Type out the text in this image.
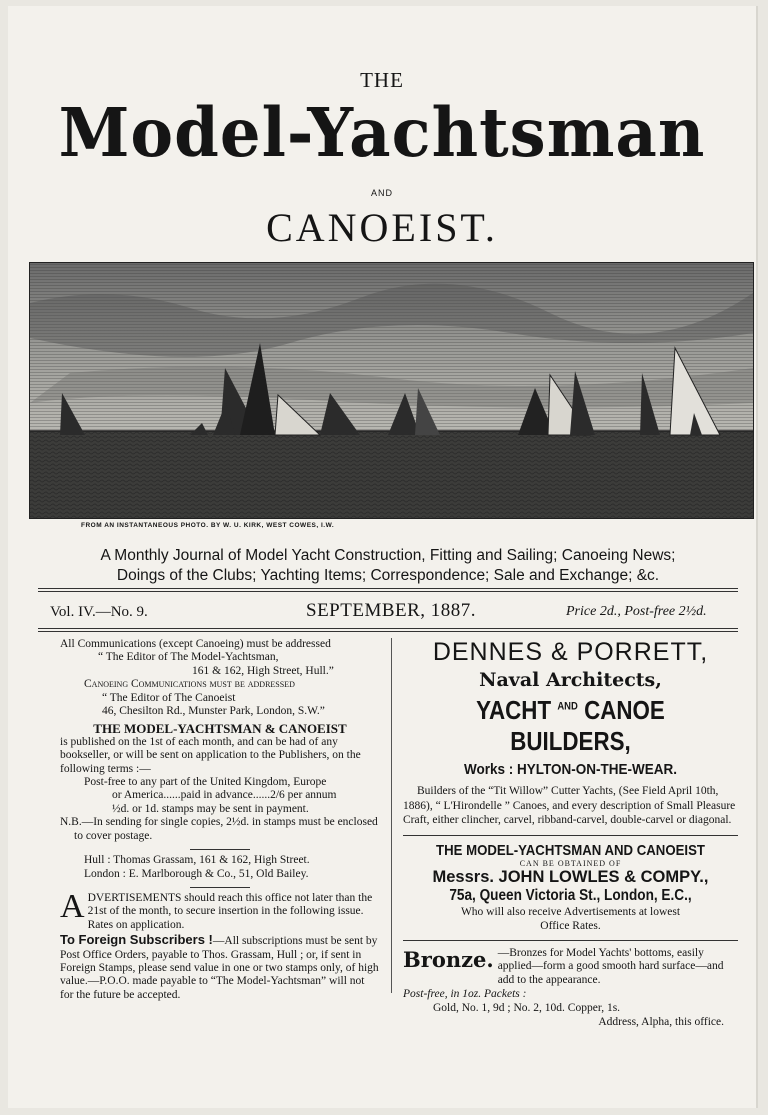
THE
Model-Yachtsman
AND
CANOEIST.
FROM AN INSTANTANEOUS PHOTO. BY W. U. KIRK, WEST COWES, I.W.
A Monthly Journal of Model Yacht Construction, Fitting and Sailing; Canoeing News;
Doings of the Clubs; Yachting Items; Correspondence; Sale and Exchange; &c.
Vol. IV.—No. 9.	SEPTEMBER, 1887.	Price 2d., Post-free 2½d.

All Communications (except Canoeing) must be addressed

“ The Editor of The Model-Yachtsman,

161 & 162, High Street, Hull.”

Canoeing Communications must be addressed

“ The Editor of The Canoeist

46, Chesilton Rd., Munster Park, London, S.W.”

THE MODEL-YACHTSMAN & CANOEIST

is published on the 1st of each month, and can be had of any bookseller, or will be sent on application to the Publishers, on the following terms :—

Post-free to any part of the United Kingdom, Europe

or America......paid in advance......2/6 per annum

½d. or 1d. stamps may be sent in payment.

N.B.—In sending for single copies, 2½d. in stamps must be enclosed to cover postage.

Hull : Thomas Grassam, 161 & 162, High Street.

London : E. Marlborough & Co., 51, Old Bailey.

ADVERTISEMENTS should reach this office not later than the 21st of the month, to secure insertion in the following issue. Rates on application.

To Foreign Subscribers !—All subscriptions must be sent by Post Office Orders, payable to Thos. Grassam, Hull ; or, if sent in Foreign Stamps, please send value in one or two stamps only, of high value.—P.O.O. made payable to “The Model-Yachtsman” will not for the future be accepted.

DENNES & PORRETT,
Naval Architects,
YACHT $^{AND}$ CANOE BUILDERS,
Works : HYLTON-ON-THE-WEAR.
Builders of the “Tit Willow” Cutter Yachts, (See Field April 10th, 1886), “ L'Hirondelle ” Canoes, and every description of Small Pleasure Craft, either clincher, carvel, ribband-carvel, double-carvel or diagonal.
THE MODEL-YACHTSMAN AND CANOEIST
CAN BE OBTAINED OF
Messrs. JOHN LOWLES & COMPY.,
75a, Queen Victoria St., London, E.C.,
Who will also receive Advertisements at lowest
Office Rates.
Bronze. —Bronzes for Model Yachts' bottoms, easily applied—form a good smooth hard surface—and add to the appearance.
Post-free, in 1oz. Packets :
Gold, No. 1, 9d ; No. 2, 10d. Copper, 1s.
Address, Alpha, this office.
